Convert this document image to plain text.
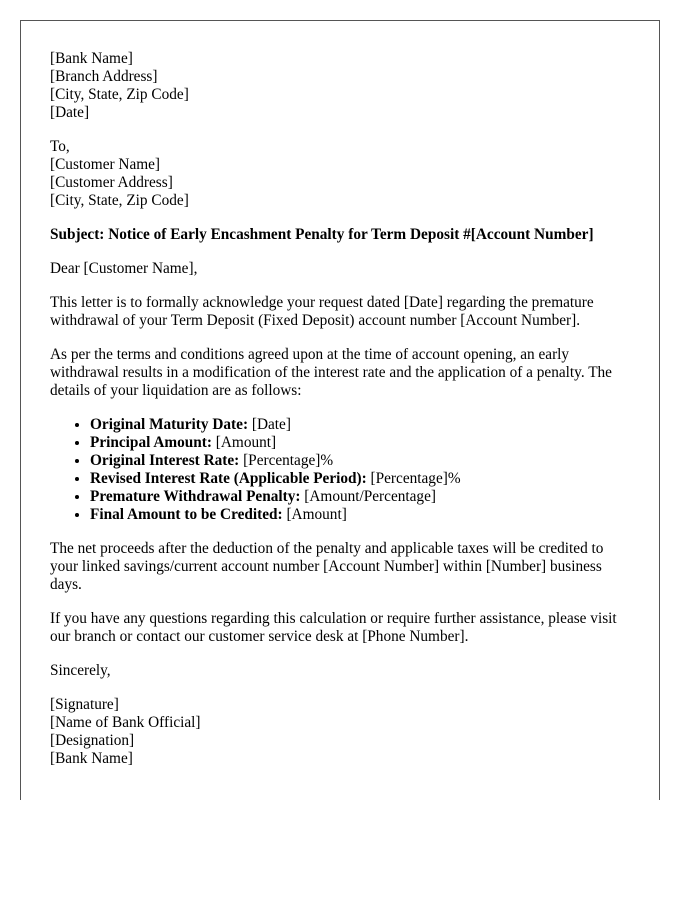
[Bank Name]
[Branch Address]
[City, State, Zip Code]
[Date]
To,
[Customer Name]
[Customer Address]
[City, State, Zip Code]
Subject: Notice of Early Encashment Penalty for Term Deposit #[Account Number]

Dear [Customer Name],

This letter is to formally acknowledge your request dated [Date] regarding the premature withdrawal of your Term Deposit (Fixed Deposit) account number [Account Number].

As per the terms and conditions agreed upon at the time of account opening, an early withdrawal results in a modification of the interest rate and the application of a penalty. The details of your liquidation are as follows:

• Original Maturity Date: [Date]
• Principal Amount: [Amount]
• Original Interest Rate: [Percentage]%
• Revised Interest Rate (Applicable Period): [Percentage]%
• Premature Withdrawal Penalty: [Amount/Percentage]
• Final Amount to be Credited: [Amount]

The net proceeds after the deduction of the penalty and applicable taxes will be credited to your linked savings/current account number [Account Number] within [Number] business days.

If you have any questions regarding this calculation or require further assistance, please visit our branch or contact our customer service desk at [Phone Number].

Sincerely,

[Signature]
[Name of Bank Official]
[Designation]
[Bank Name]
